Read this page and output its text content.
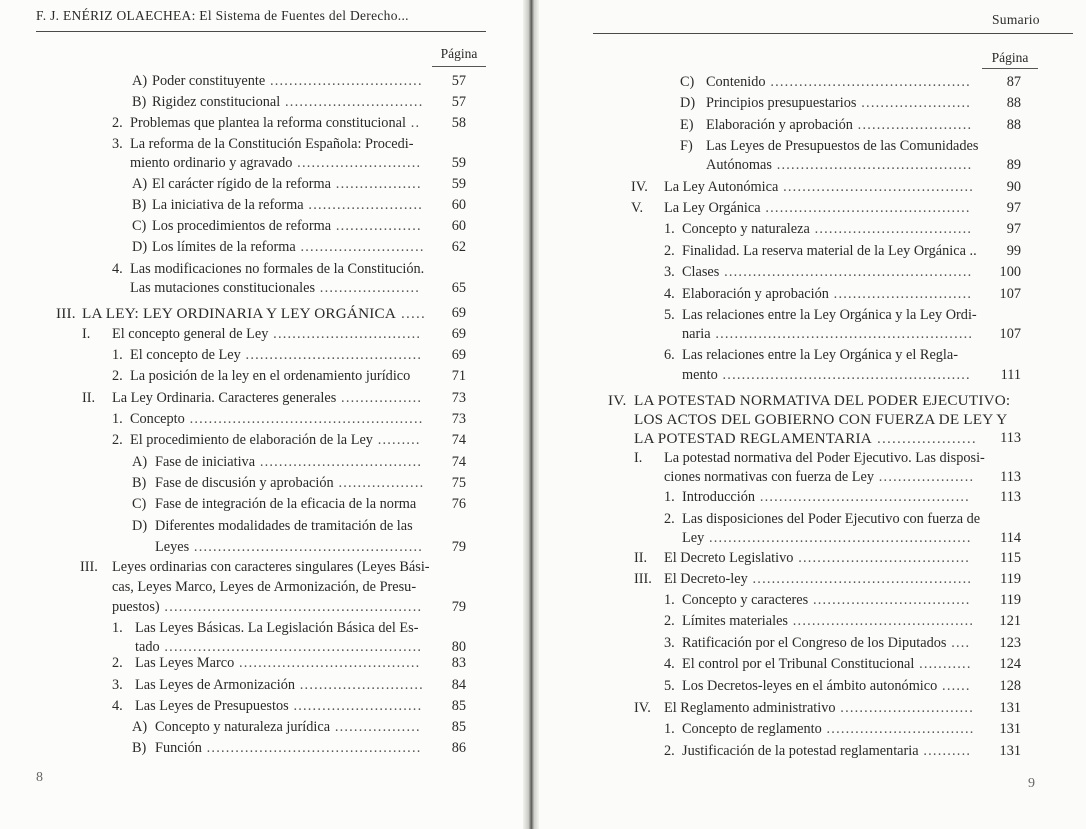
F. J. ENÉRIZ OLAECHEA: El Sistema de Fuentes del Derecho...
Página
A) Poder constituyente ................................	57
B) Rigidez constitucional .............................	57
2. Problemas que plantea la reforma constitucional ..	58
3. La reforma de la Constitución Española: Procedi-
miento ordinario y agravado ..........................	59
A) El carácter rígido de la reforma ..................	59
B) La iniciativa de la reforma ........................	60
C) Los procedimientos de reforma ..................	60
D) Los límites de la reforma ..........................	62
4. Las modificaciones no formales de la Constitución.
Las mutaciones constitucionales .....................	65
III. LA LEY: LEY ORDINARIA Y LEY ORGÁNICA .....	69
I. El concepto general de Ley ...............................	69
1. El concepto de Ley .....................................	69
2. La posición de la ley en el ordenamiento jurídico	71
II. La Ley Ordinaria. Caracteres generales .................	73
1. Concepto .................................................	73
2. El procedimiento de elaboración de la Ley .........	74
A) Fase de iniciativa ..................................	74
B) Fase de discusión y aprobación ..................	75
C) Fase de integración de la eficacia de la norma	76
D) Diferentes modalidades de tramitación de las
Leyes ................................................	79
III. Leyes ordinarias con caracteres singulares (Leyes Bási-
cas, Leyes Marco, Leyes de Armonización, de Presu-
puestos) ......................................................	79
1. Las Leyes Básicas. La Legislación Básica del Es-
tado ......................................................	80
2. Las Leyes Marco ......................................	83
3. Las Leyes de Armonización ..........................	84
4. Las Leyes de Presupuestos ...........................	85
A) Concepto y naturaleza jurídica ..................	85
B) Función .............................................	86
8
Sumario
Página
C) Contenido ..........................................	87
D) Principios presupuestarios .......................	88
E) Elaboración y aprobación ........................	88
F) Las Leyes de Presupuestos de las Comunidades
Autónomas .........................................	89
IV. La Ley Autonómica ........................................	90
V. La Ley Orgánica ...........................................	97
1. Concepto y naturaleza .................................	97
2. Finalidad. La reserva material de la Ley Orgánica ..	99
3. Clases ....................................................	100
4. Elaboración y aprobación .............................	107
5. Las relaciones entre la Ley Orgánica y la Ley Ordi-
naria ......................................................	107
6. Las relaciones entre la Ley Orgánica y el Regla-
mento ....................................................	111
IV. LA POTESTAD NORMATIVA DEL PODER EJECUTIVO:
LOS ACTOS DEL GOBIERNO CON FUERZA DE LEY Y
LA POTESTAD REGLAMENTARIA ....................	113
I. La potestad normativa del Poder Ejecutivo. Las disposi-
ciones normativas con fuerza de Ley ....................	113
1. Introducción ............................................	113
2. Las disposiciones del Poder Ejecutivo con fuerza de
Ley .......................................................	114
II. El Decreto Legislativo ....................................	115
III. El Decreto-ley ..............................................	119
1. Concepto y caracteres .................................	119
2. Límites materiales ......................................	121
3. Ratificación por el Congreso de los Diputados ....	123
4. El control por el Tribunal Constitucional ...........	124
5. Los Decretos-leyes en el ámbito autonómico ......	128
IV. El Reglamento administrativo ............................	131
1. Concepto de reglamento ...............................	131
2. Justificación de la potestad reglamentaria ..........	131
9
